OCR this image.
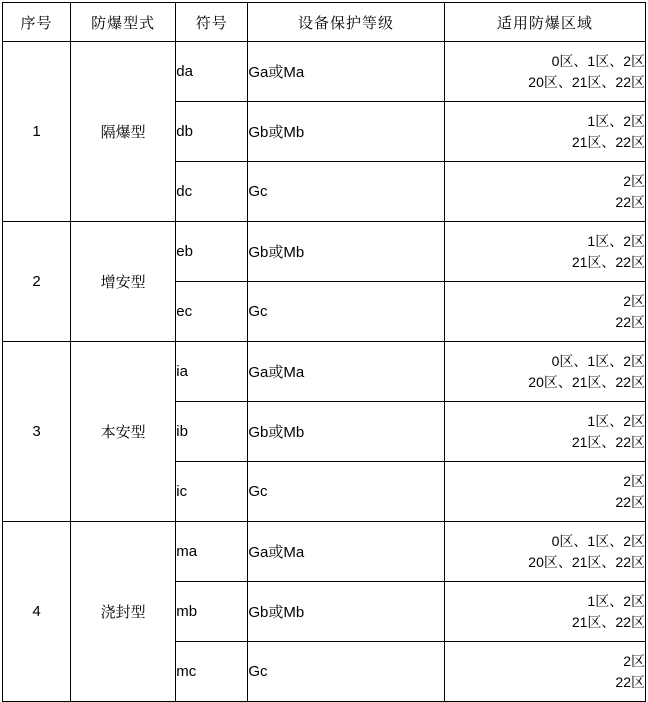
序号	防爆型式	符号	设备保护等级	适用防爆区域
1	隔爆型	da	Ga或Ma	0区、1区、2区
20区、21区、22区

		db	Gb或Mb	1区、2区
21区、22区

		dc	Gc	2区
22区

2	增安型	eb	Gb或Mb	1区、2区
21区、22区

		ec	Gc	2区
22区

3	本安型	ia	Ga或Ma	0区、1区、2区
20区、21区、22区

		ib	Gb或Mb	1区、2区
21区、22区

		ic	Gc	2区
22区

4	浇封型	ma	Ga或Ma	0区、1区、2区
20区、21区、22区

		mb	Gb或Mb	1区、2区
21区、22区

		mc	Gc	2区
22区
